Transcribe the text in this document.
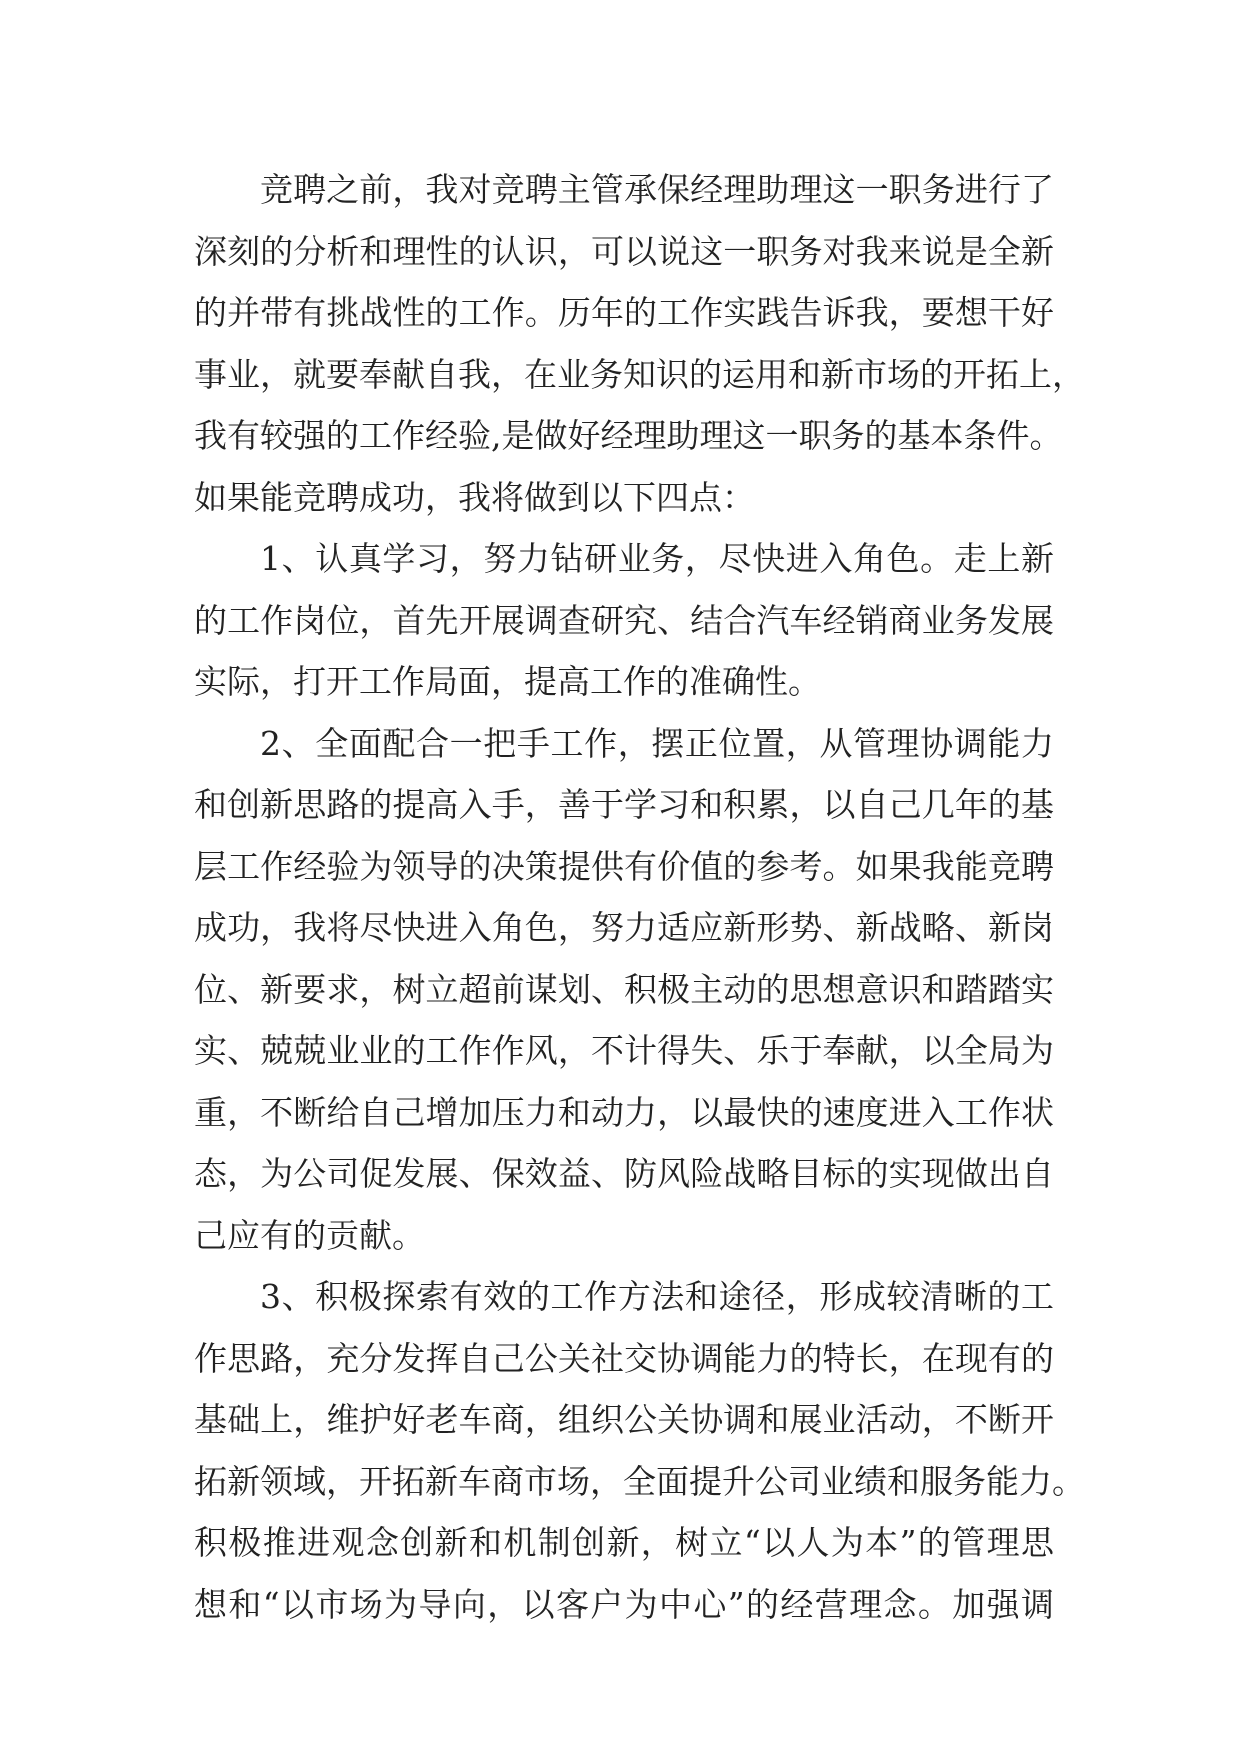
竞聘之前，我对竞聘主管承保经理助理这一职务进行了
深刻的分析和理性的认识，可以说这一职务对我来说是全新
的并带有挑战性的工作。历年的工作实践告诉我，要想干好
事业，就要奉献自我，在业务知识的运用和新市场的开拓上，
我有较强的工作经验,是做好经理助理这一职务的基本条件。
如果能竞聘成功，我将做到以下四点：
1、认真学习，努力钻研业务，尽快进入角色。走上新
的工作岗位，首先开展调查研究、结合汽车经销商业务发展
实际，打开工作局面，提高工作的准确性。
2、全面配合一把手工作，摆正位置，从管理协调能力
和创新思路的提高入手，善于学习和积累，以自己几年的基
层工作经验为领导的决策提供有价值的参考。如果我能竞聘
成功，我将尽快进入角色，努力适应新形势、新战略、新岗
位、新要求，树立超前谋划、积极主动的思想意识和踏踏实
实、兢兢业业的工作作风，不计得失、乐于奉献，以全局为
重，不断给自己增加压力和动力，以最快的速度进入工作状
态，为公司促发展、保效益、防风险战略目标的实现做出自
己应有的贡献。
3、积极探索有效的工作方法和途径，形成较清晰的工
作思路，充分发挥自己公关社交协调能力的特长，在现有的
基础上，维护好老车商，组织公关协调和展业活动，不断开
拓新领域，开拓新车商市场，全面提升公司业绩和服务能力。
积极推进观念创新和机制创新，树立“以人为本”的管理思
想和“以市场为导向，以客户为中心”的经营理念。加强调
